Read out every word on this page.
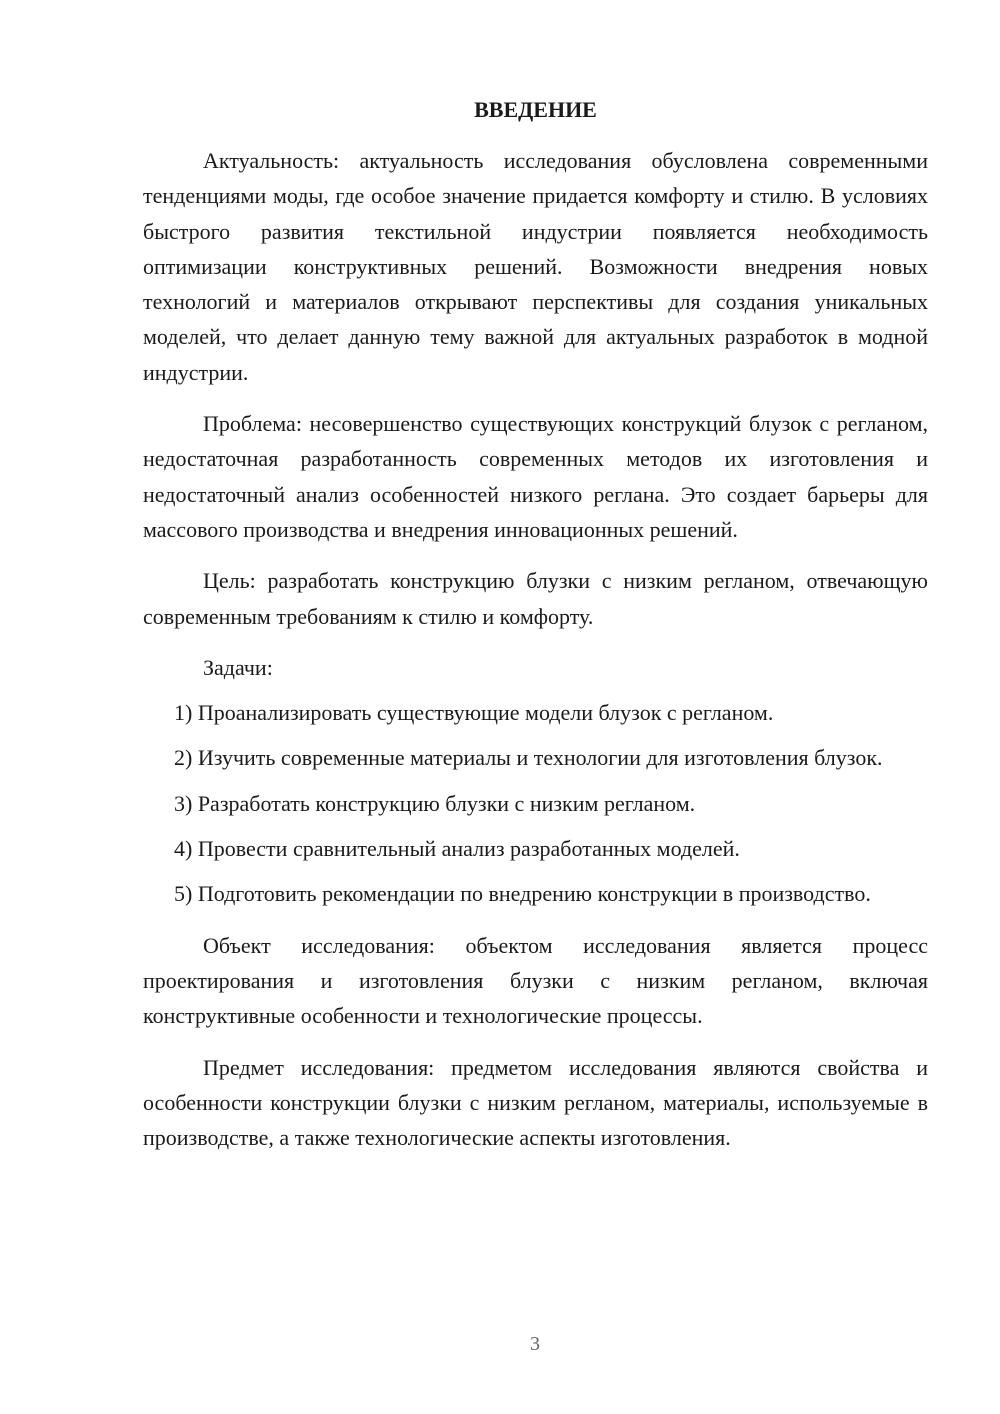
ВВЕДЕНИЕ

Актуальность: актуальность исследования обусловлена современными тенденциями моды, где особое значение придается комфорту и стилю. В условиях быстрого развития текстильной индустрии появляется необходимость оптимизации конструктивных решений. Возможности внедрения новых технологий и материалов открывают перспективы для создания уникальных моделей, что делает данную тему важной для актуальных разработок в модной индустрии.

Проблема: несовершенство существующих конструкций блузок с регланом, недостаточная разработанность современных методов их изготовления и недостаточный анализ особенностей низкого реглана. Это создает барьеры для массового производства и внедрения инновационных решений.

Цель: разработать конструкцию блузки с низким регланом, отвечающую современным требованиям к стилю и комфорту.

Задачи:

1) Проанализировать существующие модели блузок с регланом.

2) Изучить современные материалы и технологии для изготовления блузок.

3) Разработать конструкцию блузки с низким регланом.

4) Провести сравнительный анализ разработанных моделей.

5) Подготовить рекомендации по внедрению конструкции в производство.

Объект исследования: объектом исследования является процесс проектирования и изготовления блузки с низким регланом, включая конструктивные особенности и технологические процессы.

Предмет исследования: предметом исследования являются свойства и особенности конструкции блузки с низким регланом, материалы, используемые в производстве, а также технологические аспекты изготовления.

3
